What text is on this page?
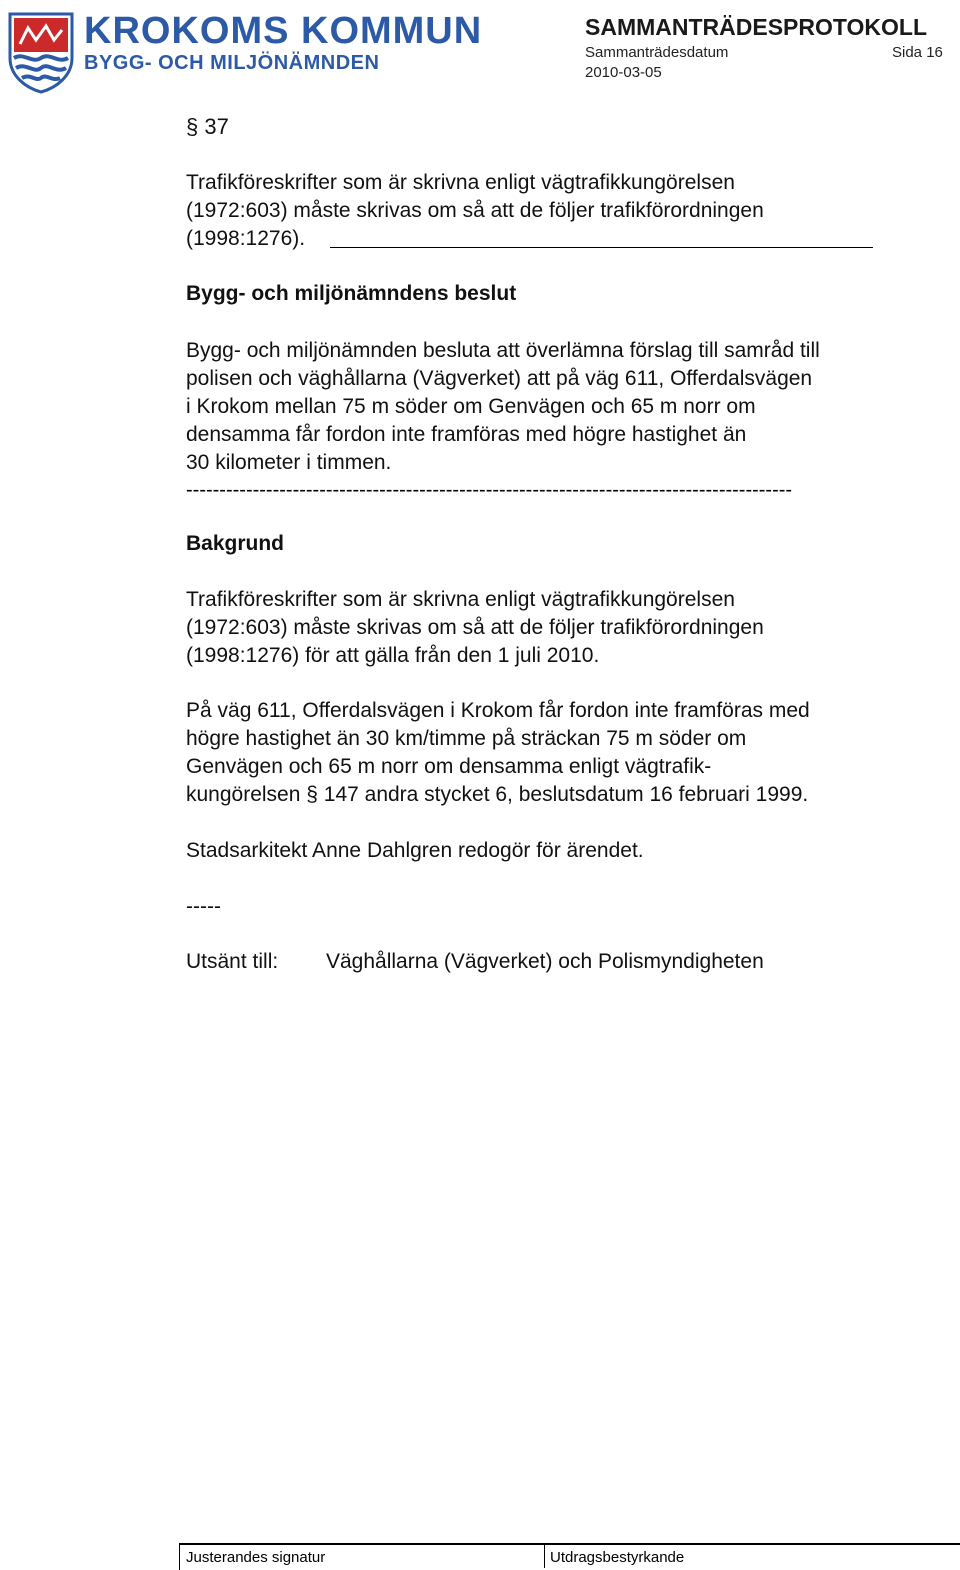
KROKOMS KOMMUN
BYGG- OCH MILJÖNÄMNDEN
SAMMANTRÄDESPROTOKOLL
Sammanträdesdatum	Sida 16
2010-03-05
§ 37
Trafikföreskrifter som är skrivna enligt vägtrafikkungörelsen
(1972:603) måste skrivas om så att de följer trafikförordningen
(1998:1276).
Bygg- och miljönämndens beslut
Bygg- och miljönämnden besluta att överlämna förslag till samråd till
polisen och väghållarna (Vägverket) att på väg 611, Offerdalsvägen
i Krokom mellan 75 m söder om Genvägen och 65 m norr om
densamma får fordon inte framföras med högre hastighet än
30 kilometer i timmen.
-------------------------------------------------------------------------------------------
Bakgrund
Trafikföreskrifter som är skrivna enligt vägtrafikkungörelsen
(1972:603) måste skrivas om så att de följer trafikförordningen
(1998:1276) för att gälla från den 1 juli 2010.
På väg 611, Offerdalsvägen i Krokom får fordon inte framföras med
högre hastighet än 30 km/timme på sträckan 75 m söder om
Genvägen och 65 m norr om densamma enligt vägtrafik-
kungörelsen § 147 andra stycket 6, beslutsdatum 16 februari 1999.
Stadsarkitekt Anne Dahlgren redogör för ärendet.
-----
Utsänt till: Väghållarna (Vägverket) och Polismyndigheten
Justerandes signatur	Utdragsbestyrkande
